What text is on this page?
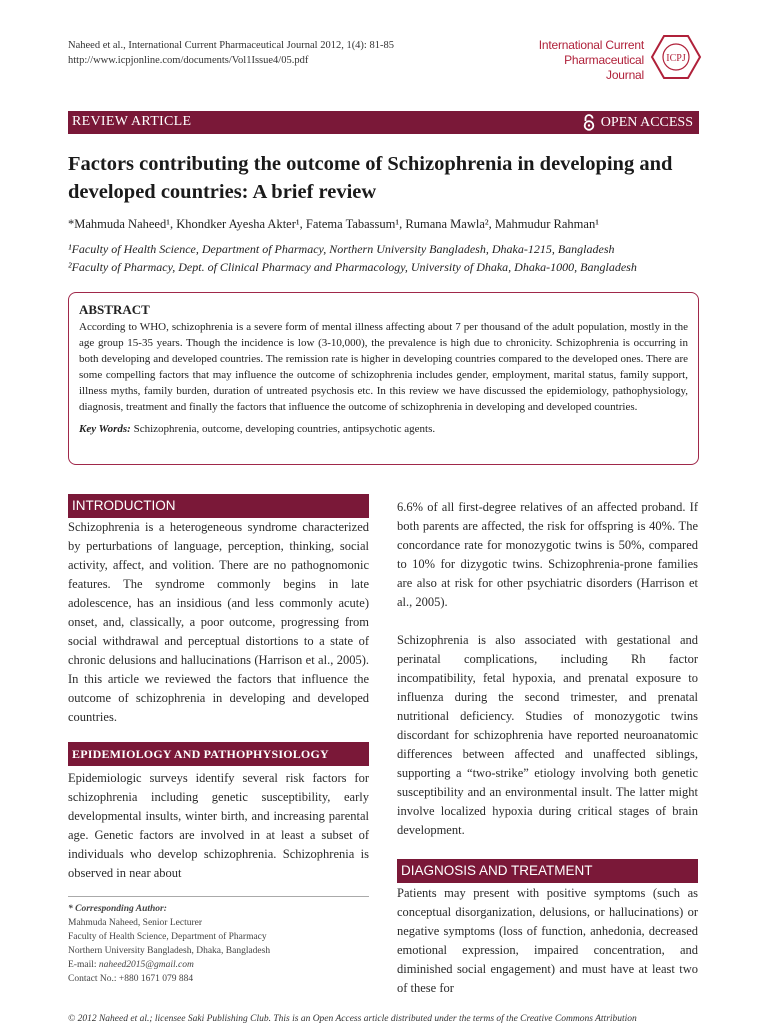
Naheed et al., International Current Pharmaceutical Journal 2012, 1(4): 81-85
http://www.icpjonline.com/documents/Vol1Issue4/05.pdf
International Current
Pharmaceutical Journal
ICPJ
REVIEW ARTICLE	OPEN ACCESS
Factors contributing the outcome of Schizophrenia in developing and developed countries: A brief review
*Mahmuda Naheed¹, Khondker Ayesha Akter¹, Fatema Tabassum¹, Rumana Mawla², Mahmudur Rahman¹
¹Faculty of Health Science, Department of Pharmacy, Northern University Bangladesh, Dhaka-1215, Bangladesh
²Faculty of Pharmacy, Dept. of Clinical Pharmacy and Pharmacology, University of Dhaka, Dhaka-1000, Bangladesh
ABSTRACT
According to WHO, schizophrenia is a severe form of mental illness affecting about 7 per thousand of the adult population, mostly in the age group 15-35 years. Though the incidence is low (3-10,000), the prevalence is high due to chronicity. Schizophrenia is occurring in both developing and developed countries. The remission rate is higher in developing countries compared to the developed ones. There are some compelling factors that may influence the outcome of schizophrenia includes gender, employment, marital status, family support, illness myths, family burden, duration of untreated psychosis etc. In this review we have discussed the epidemiology, pathophysiology, diagnosis, treatment and finally the factors that influence the outcome of schizophrenia in developing and developed countries.
Key Words: Schizophrenia, outcome, developing countries, antipsychotic agents.
INTRODUCTION

Schizophrenia is a heterogeneous syndrome characterized by perturbations of language, perception, thinking, social activity, affect, and volition. There are no pathognomonic features. The syndrome commonly begins in late adolescence, has an insidious (and less commonly acute) onset, and, classically, a poor outcome, progressing from social withdrawal and perceptual distortions to a state of chronic delusions and hallucinations (Harrison et al., 2005). In this article we reviewed the factors that influence the outcome of schizophrenia in developing and developed countries.

EPIDEMIOLOGY AND PATHOPHYSIOLOGY

Epidemiologic surveys identify several risk factors for schizophrenia including genetic susceptibility, early developmental insults, winter birth, and increasing parental age. Genetic factors are involved in at least a subset of individuals who develop schizophrenia. Schizophrenia is observed in near about

6.6% of all first-degree relatives of an affected proband. If both parents are affected, the risk for offspring is 40%. The concordance rate for monozygotic twins is 50%, compared to 10% for dizygotic twins. Schizophrenia-prone families are also at risk for other psychiatric disorders (Harrison et al., 2005).

Schizophrenia is also associated with gestational and perinatal complications, including Rh factor incompatibility, fetal hypoxia, and prenatal exposure to influenza during the second trimester, and prenatal nutritional deficiency. Studies of monozygotic twins discordant for schizophrenia have reported neuroanatomic differences between affected and unaffected siblings, supporting a “two-strike” etiology involving both genetic susceptibility and an environmental insult. The latter might involve localized hypoxia during critical stages of brain development.

DIAGNOSIS AND TREATMENT

Patients may present with positive symptoms (such as conceptual disorganization, delusions, or hallucinations) or negative symptoms (loss of function, anhedonia, decreased emotional expression, impaired concentration, and diminished social engagement) and must have at least two of these for

* Corresponding Author:
Mahmuda Naheed, Senior Lecturer
Faculty of Health Science, Department of Pharmacy
Northern University Bangladesh, Dhaka, Bangladesh
E-mail: naheed2015@gmail.com
Contact No.: +880 1671 079 884
© 2012 Naheed et al.; licensee Saki Publishing Club. This is an Open Access article distributed under the terms of the Creative Commons Attribution
